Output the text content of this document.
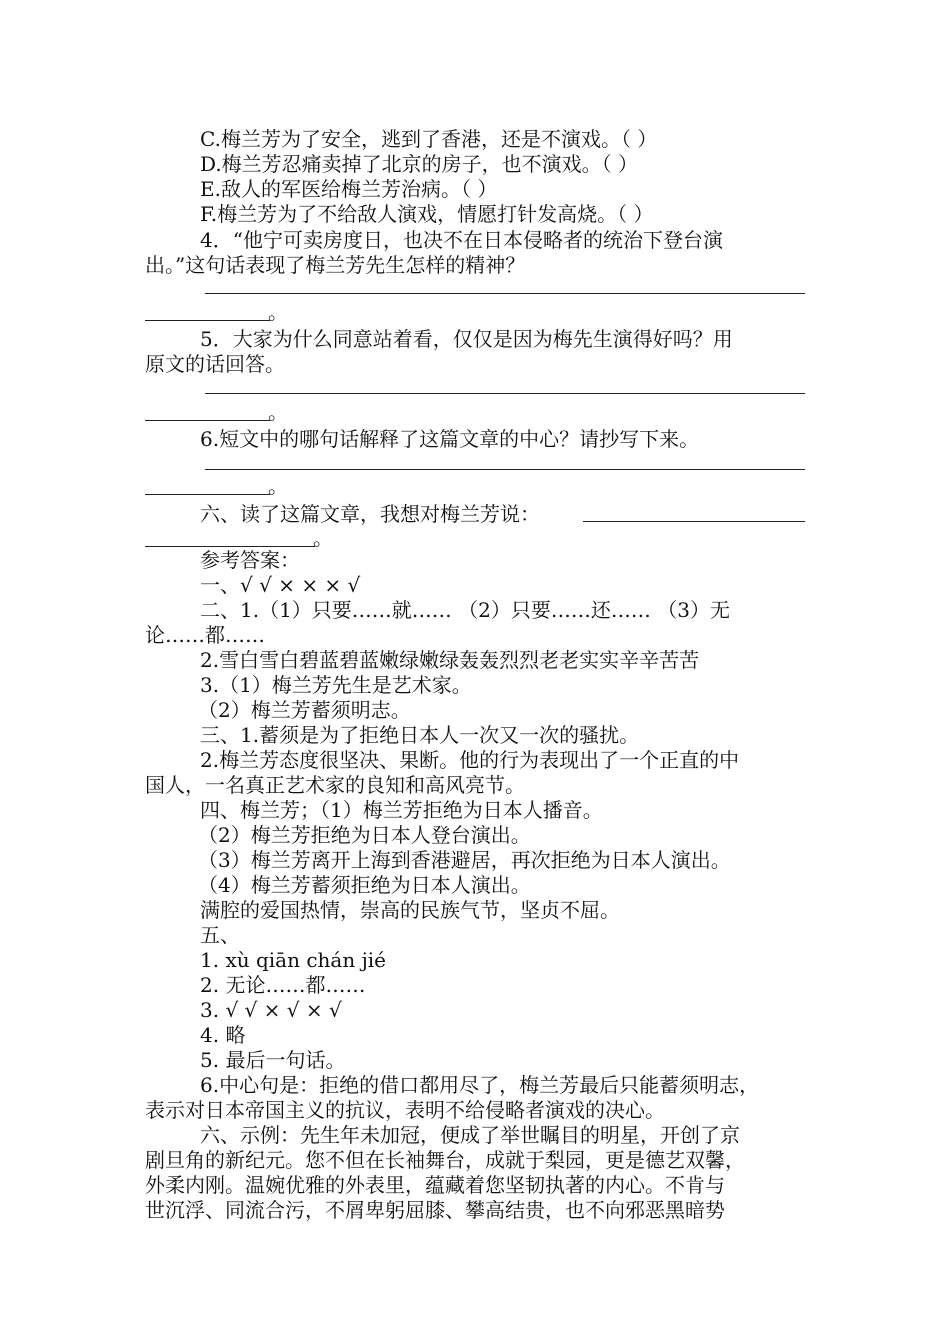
C.梅兰芳为了安全，逃到了香港，还是不演戏。（ ）
D.梅兰芳忍痛卖掉了北京的房子，也不演戏。（ ）
E.敌人的军医给梅兰芳治病。（ ）
F.梅兰芳为了不给敌人演戏，情愿打针发高烧。（ ）
4．“他宁可卖房度日，也决不在日本侵略者的统治下登台演
出。”这句话表现了梅兰芳先生怎样的精神？
。
5．大家为什么同意站着看，仅仅是因为梅先生演得好吗？用
原文的话回答。
。
6.短文中的哪句话解释了这篇文章的中心？请抄写下来。
。
六、读了这篇文章，我想对梅兰芳说：
。
参考答案：
一、√ √ × × × √
二、1.（1）只要……就…… （2）只要……还…… （3）无
论……都……
2.雪白雪白碧蓝碧蓝嫩绿嫩绿轰轰烈烈老老实实辛辛苦苦
3.（1）梅兰芳先生是艺术家。
（2）梅兰芳蓄须明志。
三、1.蓄须是为了拒绝日本人一次又一次的骚扰。
2.梅兰芳态度很坚决、果断。他的行为表现出了一个正直的中
国人，一名真正艺术家的良知和高风亮节。
四、梅兰芳；（1）梅兰芳拒绝为日本人播音。
（2）梅兰芳拒绝为日本人登台演出。
（3）梅兰芳离开上海到香港避居，再次拒绝为日本人演出。
（4）梅兰芳蓄须拒绝为日本人演出。
满腔的爱国热情，崇高的民族气节，坚贞不屈。
五、
1. xù qiān chán jié
2. 无论……都……
3. √ √ × √ × √
4. 略
5. 最后一句话。
6.中心句是：拒绝的借口都用尽了，梅兰芳最后只能蓄须明志，
表示对日本帝国主义的抗议，表明不给侵略者演戏的决心。
六、示例：先生年未加冠，便成了举世瞩目的明星，开创了京
剧旦角的新纪元。您不但在长袖舞台，成就于梨园，更是德艺双馨，
外柔内刚。温婉优雅的外表里，蕴藏着您坚韧执著的内心。不肯与
世沉浮、同流合污，不屑卑躬屈膝、攀高结贵，也不向邪恶黑暗势
